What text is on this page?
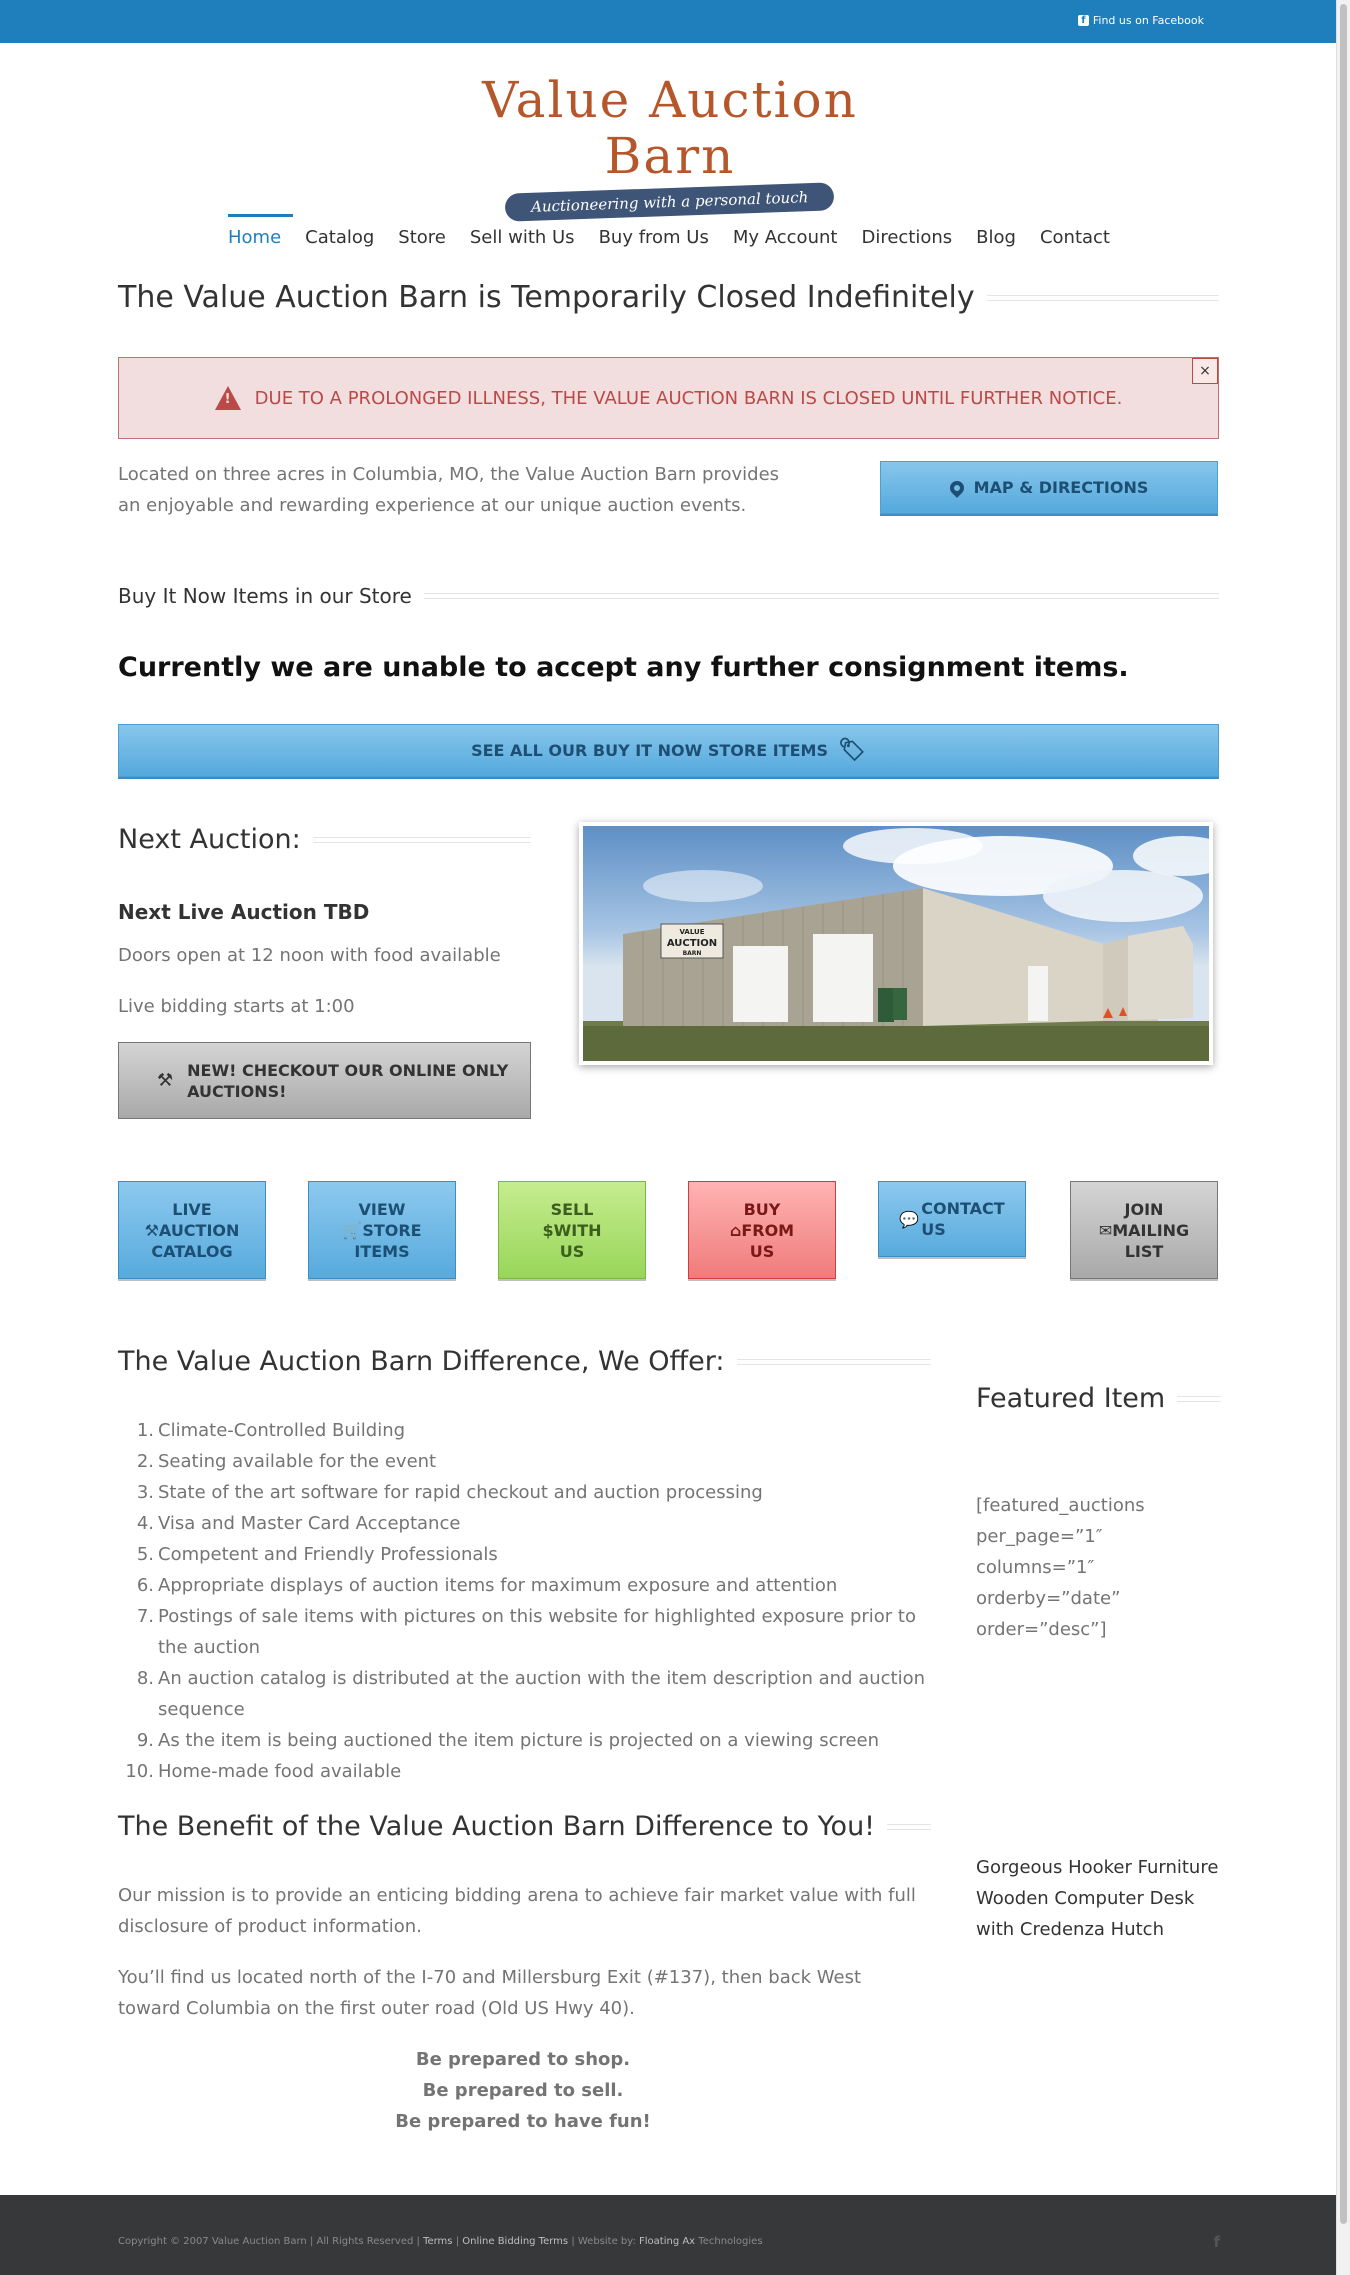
f Find us on Facebook
Value Auction Barn
Auctioneering with a personal touch
Home	Catalog	Store	Sell with Us	Buy from Us	My Account	Directions	Blog	Contact
The Value Auction Barn is Temporarily Closed Indefinitely
! DUE TO A PROLONGED ILLNESS, THE VALUE AUCTION BARN IS CLOSED UNTIL FURTHER NOTICE.
×
Located on three acres in Columbia, MO, the Value Auction Barn provides an enjoyable and rewarding experience at our unique auction events.
MAP & DIRECTIONS
Buy It Now Items in our Store
Currently we are unable to accept any further consignment items.
SEE ALL OUR BUY IT NOW STORE ITEMS 🏷
Next Auction:
Next Live Auction TBD
Doors open at 12 noon with food available
Live bidding starts at 1:00
⚒ NEW! CHECKOUT OUR ONLINE ONLY
AUCTIONS!
VALUE
AUCTION
BARN
LIVE
⚒AUCTION
CATALOG
VIEW
🛒STORE
ITEMS
SELL
$WITH
US
BUY
⌂FROM
US
💬
CONTACT
US
JOIN
✉MAILING
LIST
The Value Auction Barn Difference, We Offer:
Climate-Controlled Building
Seating available for the event
State of the art software for rapid checkout and auction processing
Visa and Master Card Acceptance
Competent and Friendly Professionals
Appropriate displays of auction items for maximum exposure and attention
Postings of sale items with pictures on this website for highlighted exposure prior to the auction
An auction catalog is distributed at the auction with the item description and auction sequence
As the item is being auctioned the item picture is projected on a viewing screen
Home-made food available
The Benefit of the Value Auction Barn Difference to You!
Our mission is to provide an enticing bidding arena to achieve fair market value with full disclosure of product information.
You’ll find us located north of the I-70 and Millersburg Exit (#137), then back West toward Columbia on the first outer road (Old US Hwy 40).
Be prepared to shop.
Be prepared to sell.
Be prepared to have fun!
Featured Item
[featured_auctions per_page=”1″ columns=”1″ orderby=”date” order=”desc”]
Gorgeous Hooker Furniture Wooden Computer Desk with Credenza Hutch
Copyright © 2007 Value Auction Barn | All Rights Reserved | Terms | Online Bidding Terms | Website by: Floating Ax Technologies	f
